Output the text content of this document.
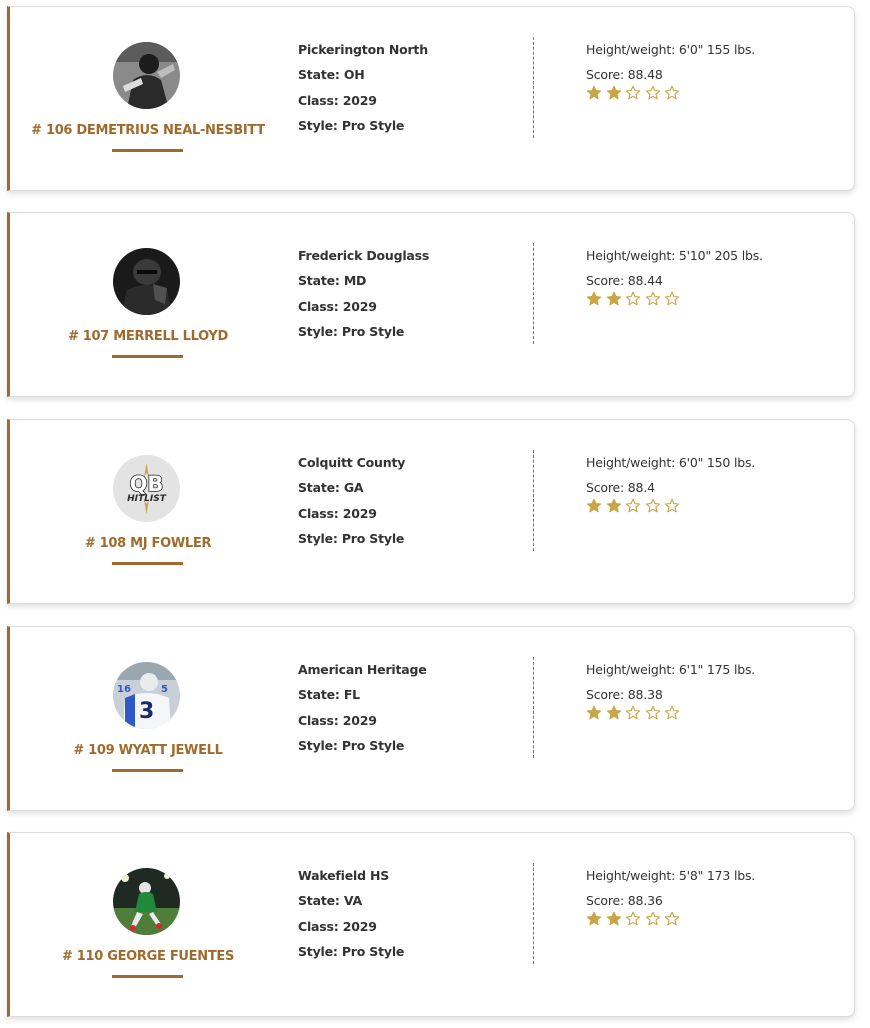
# 106 DEMETRIUS NEAL-NESBITT
Pickerington North
State: OH
Class: 2029
Style: Pro Style
Height/weight: 6'0" 155 lbs.
Score: 88.48
# 107 MERRELL LLOYD
Frederick Douglass
State: MD
Class: 2029
Style: Pro Style
Height/weight: 5'10" 205 lbs.
Score: 88.44
QB
HITLIST
# 108 MJ FOWLER
Colquitt County
State: GA
Class: 2029
Style: Pro Style
Height/weight: 6'0" 150 lbs.
Score: 88.4
3
16	5
# 109 WYATT JEWELL
American Heritage
State: FL
Class: 2029
Style: Pro Style
Height/weight: 6'1" 175 lbs.
Score: 88.38
# 110 GEORGE FUENTES
Wakefield HS
State: VA
Class: 2029
Style: Pro Style
Height/weight: 5'8" 173 lbs.
Score: 88.36
